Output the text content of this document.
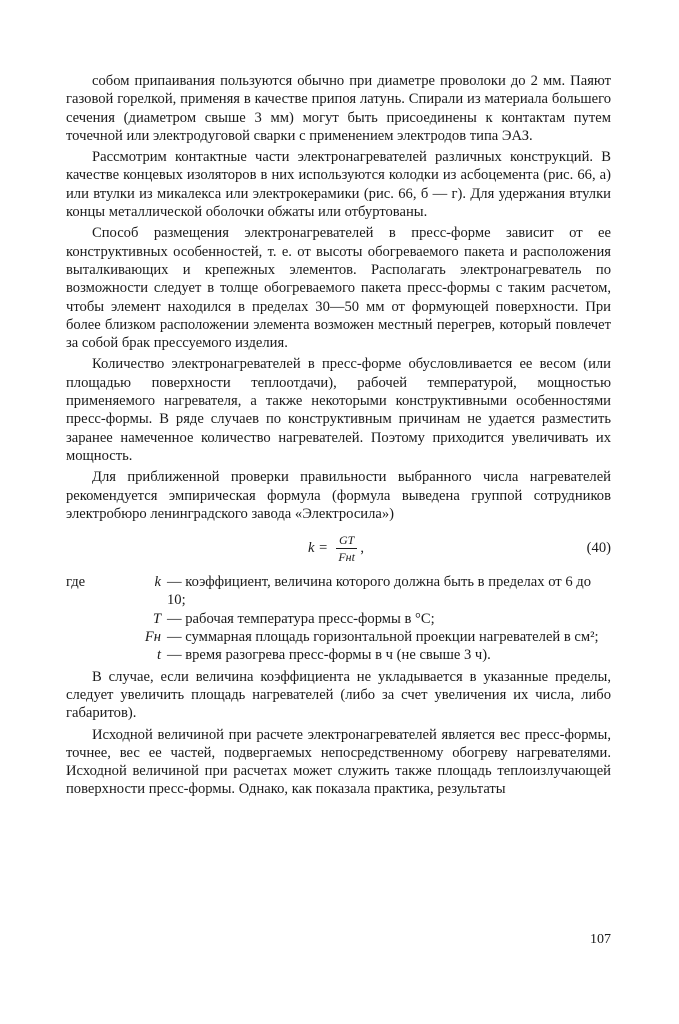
собом припаивания пользуются обычно при диаметре проволоки до 2 мм. Паяют газовой горелкой, применяя в качестве припоя латунь. Спирали из материала большего сечения (диаметром свыше 3 мм) могут быть присоединены к контактам путем точечной или электродуговой сварки с применением электродов типа ЭАЗ.

Рассмотрим контактные части электронагревателей различных конструкций. В качестве концевых изоляторов в них используются колодки из асбоцемента (рис. 66, а) или втулки из микалекса или электрокерамики (рис. 66, б — г). Для удержания втулки концы металлической оболочки обжаты или отбуртованы.

Способ размещения электронагревателей в пресс-форме зависит от ее конструктивных особенностей, т. е. от высоты обогреваемого пакета и расположения выталкивающих и крепежных элементов. Располагать электронагреватель по возможности следует в толще обогреваемого пакета пресс-формы с таким расчетом, чтобы элемент находился в пределах 30—50 мм от формующей поверхности. При более близком расположении элемента возможен местный перегрев, который повлечет за собой брак прессуемого изделия.

Количество электронагревателей в пресс-форме обусловливается ее весом (или площадью поверхности теплоотдачи), рабочей температурой, мощностью применяемого нагревателя, а также некоторыми конструктивными особенностями пресс-формы. В ряде случаев по конструктивным причинам не удается разместить заранее намеченное количество нагревателей. Поэтому приходится увеличивать их мощность.

Для приближенной проверки правильности выбранного числа нагревателей рекомендуется эмпирическая формула (формула выведена группой сотрудников электробюро ленинградского завода «Электросила»)

$k = \frac{GT}{\text{Fнt}}$ ,	(40)
где	k — коэффициент, величина которого должна быть в пределах от 6 до 10;
T — рабочая температура пресс-формы в °C;
Fн — суммарная площадь горизонтальной проекции нагревателей в см²;
t — время разогрева пресс-формы в ч (не свыше 3 ч).

В случае, если величина коэффициента не укладывается в указанные пределы, следует увеличить площадь нагревателей (либо за счет увеличения их числа, либо габаритов).

Исходной величиной при расчете электронагревателей является вес пресс-формы, точнее, вес ее частей, подвергаемых непосредственному обогреву нагревателями. Исходной величиной при расчетах может служить также площадь теплоизлучающей поверхности пресс-формы. Однако, как показала практика, результаты

107
